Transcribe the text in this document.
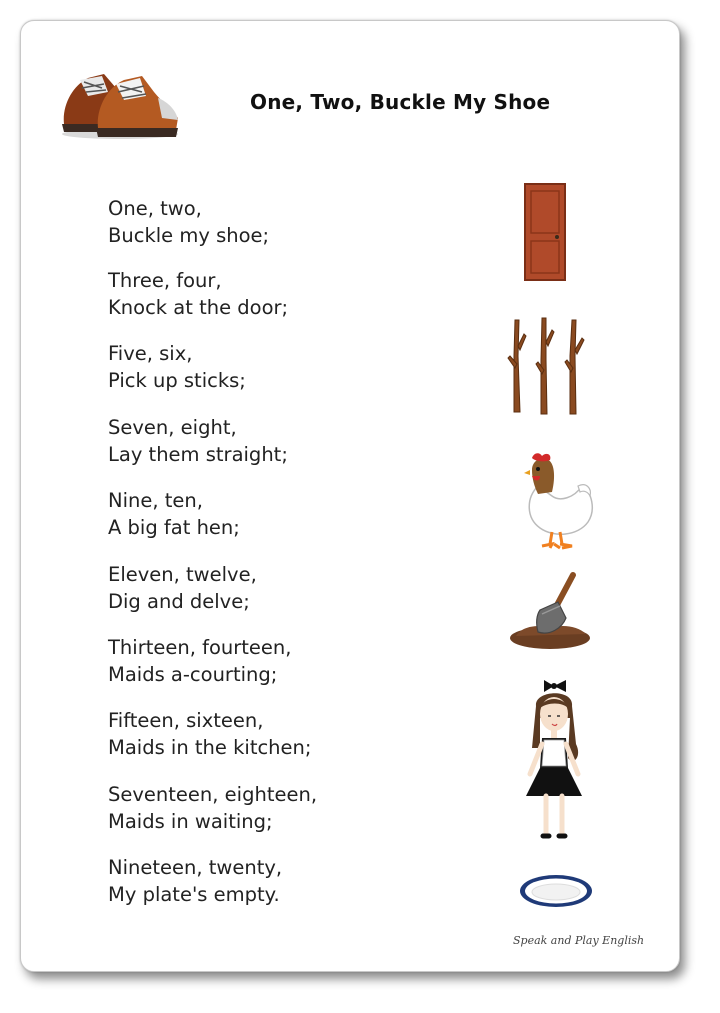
One, Two, Buckle My Shoe
One, two,
Buckle my shoe;
Three, four,
Knock at the door;
Five, six,
Pick up sticks;
Seven, eight,
Lay them straight;
Nine, ten,
A big fat hen;
Eleven, twelve,
Dig and delve;
Thirteen, fourteen,
Maids a-courting;
Fifteen, sixteen,
Maids in the kitchen;
Seventeen, eighteen,
Maids in waiting;
Nineteen, twenty,
My plate's empty.
Speak and Play English
